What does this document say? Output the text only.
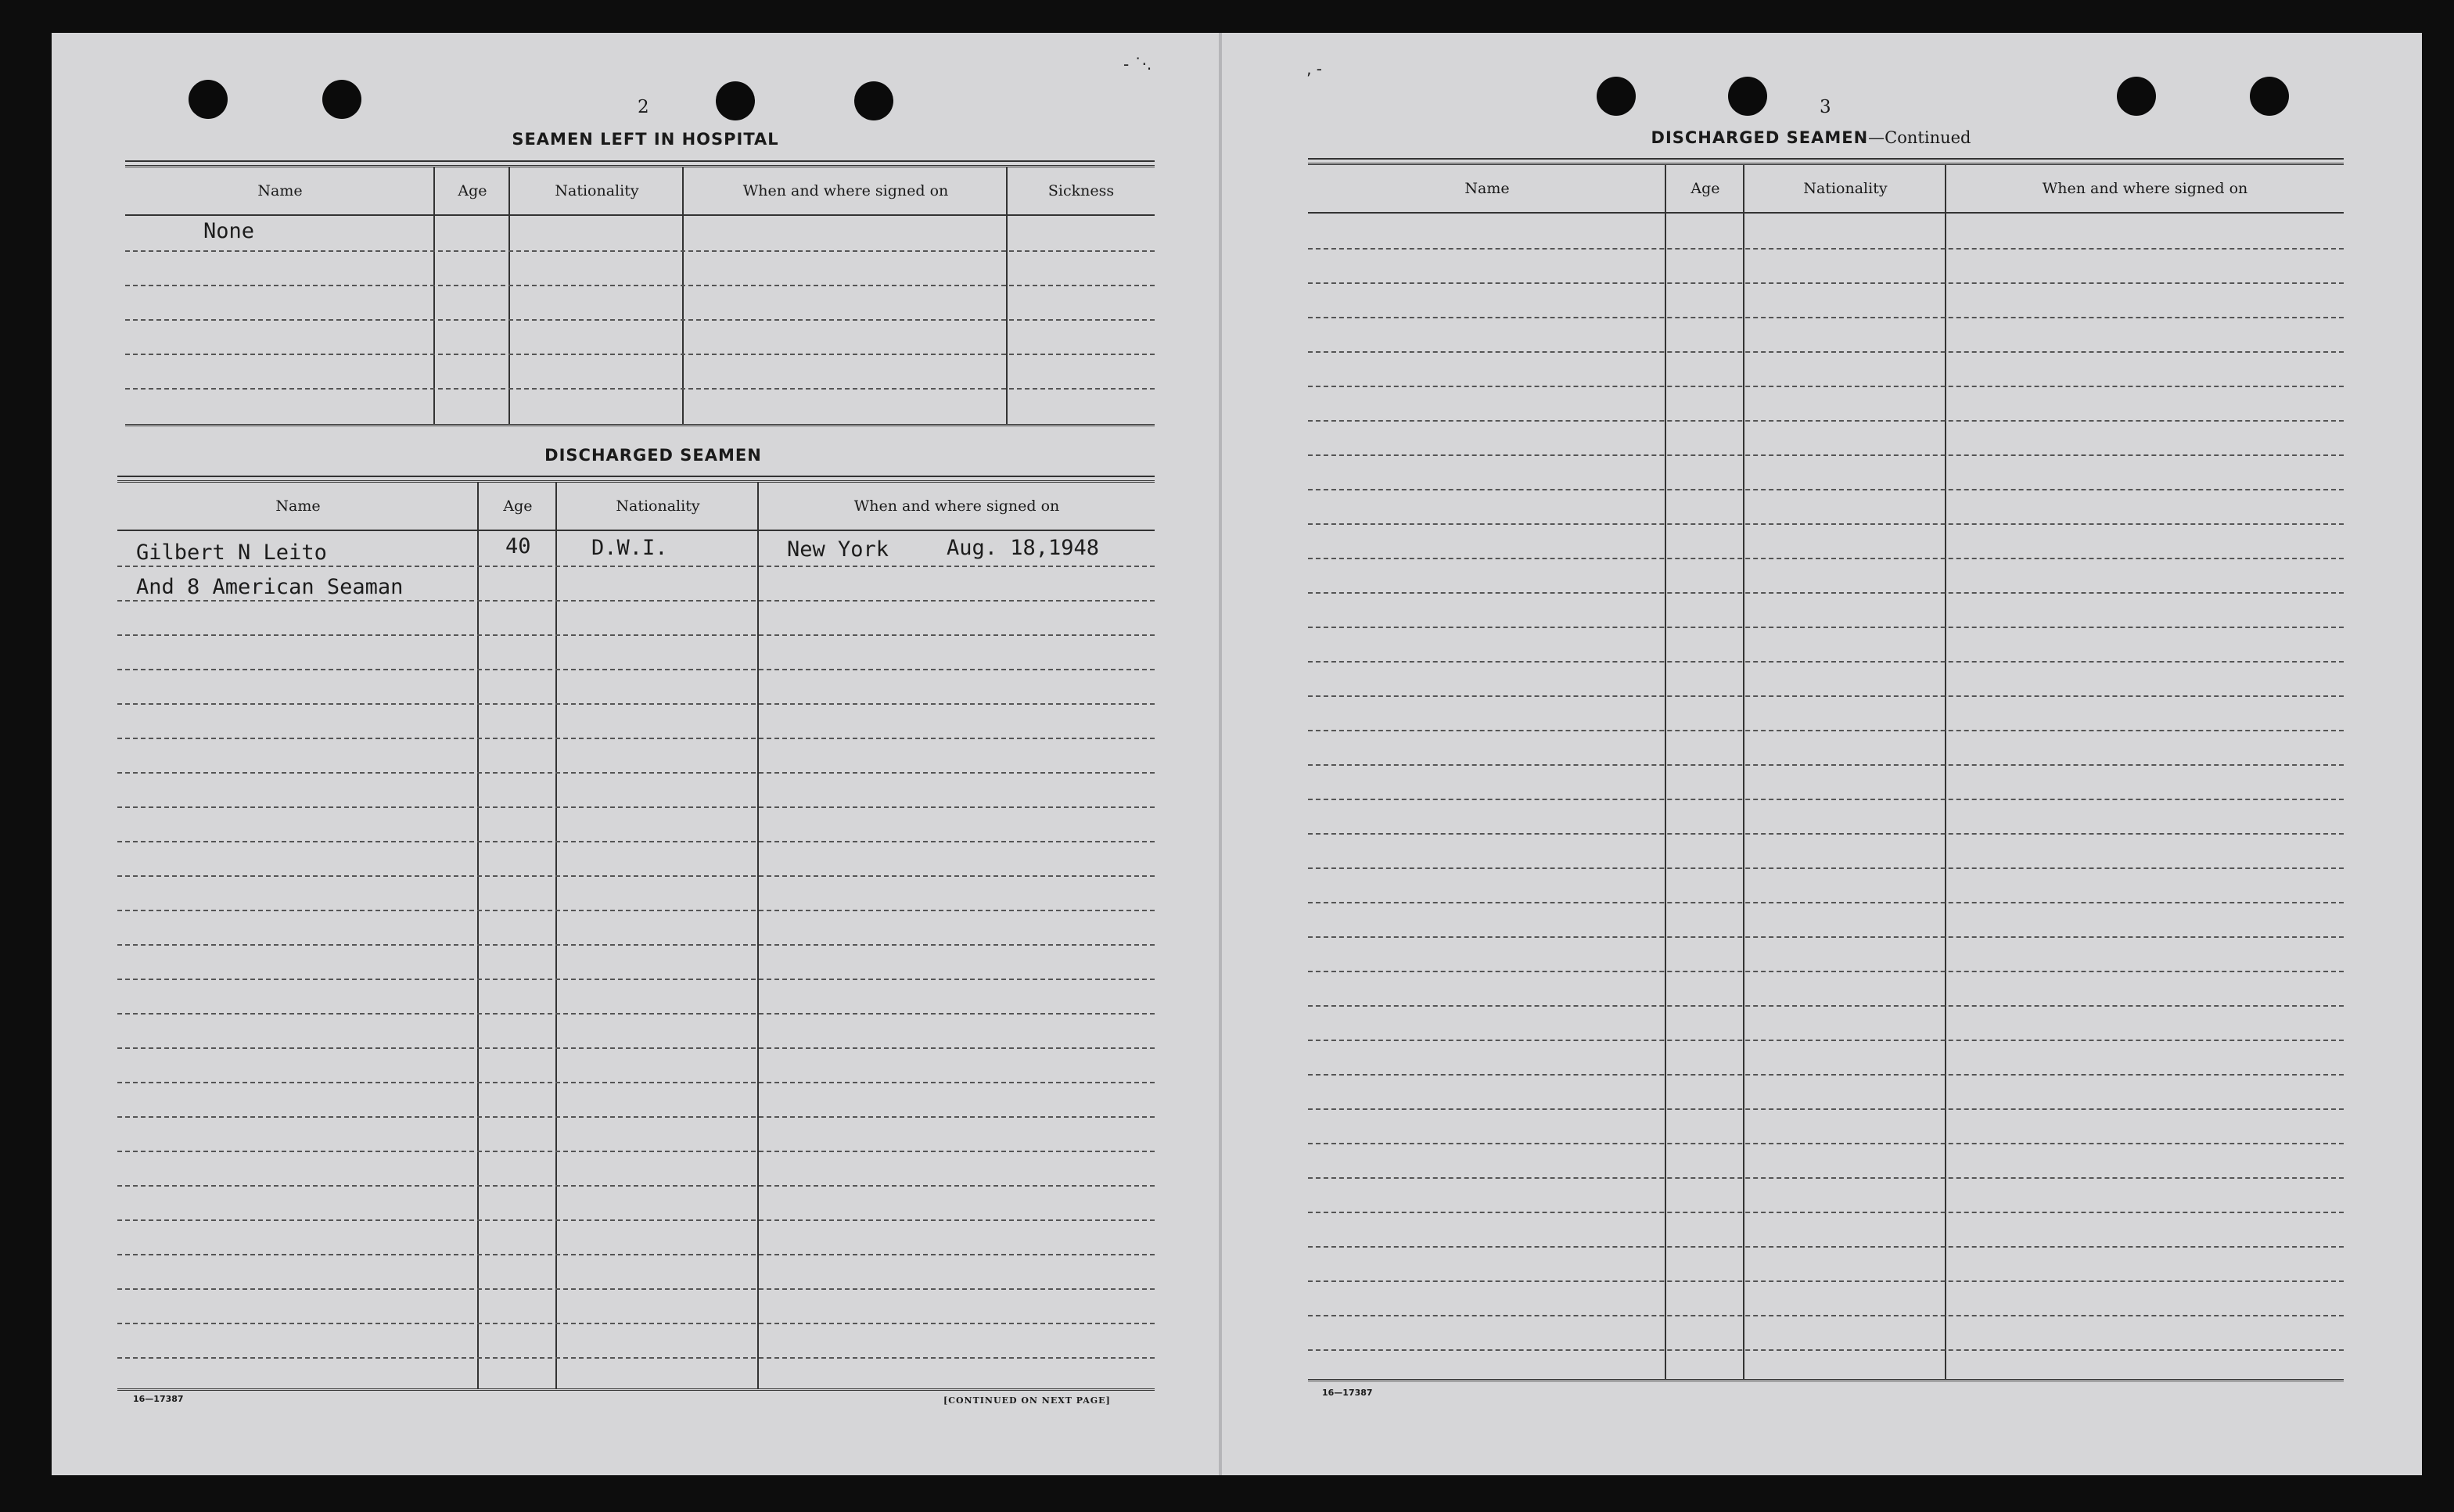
2
SEAMEN LEFT IN HOSPITAL
Name	Age	Nationality	When and where signed on	Sickness
None
DISCHARGED SEAMEN
Name	Age	Nationality	When and where signed on
Gilbert N Leito	40	D.W.I.	New York	Aug. 18,1948
And 8 American Seaman
16—17387	[CONTINUED ON NEXT PAGE]
‐ ˙·.	‚ ‑
3
DISCHARGED SEAMEN—Continued
Name	Age	Nationality	When and where signed on
16—17387
